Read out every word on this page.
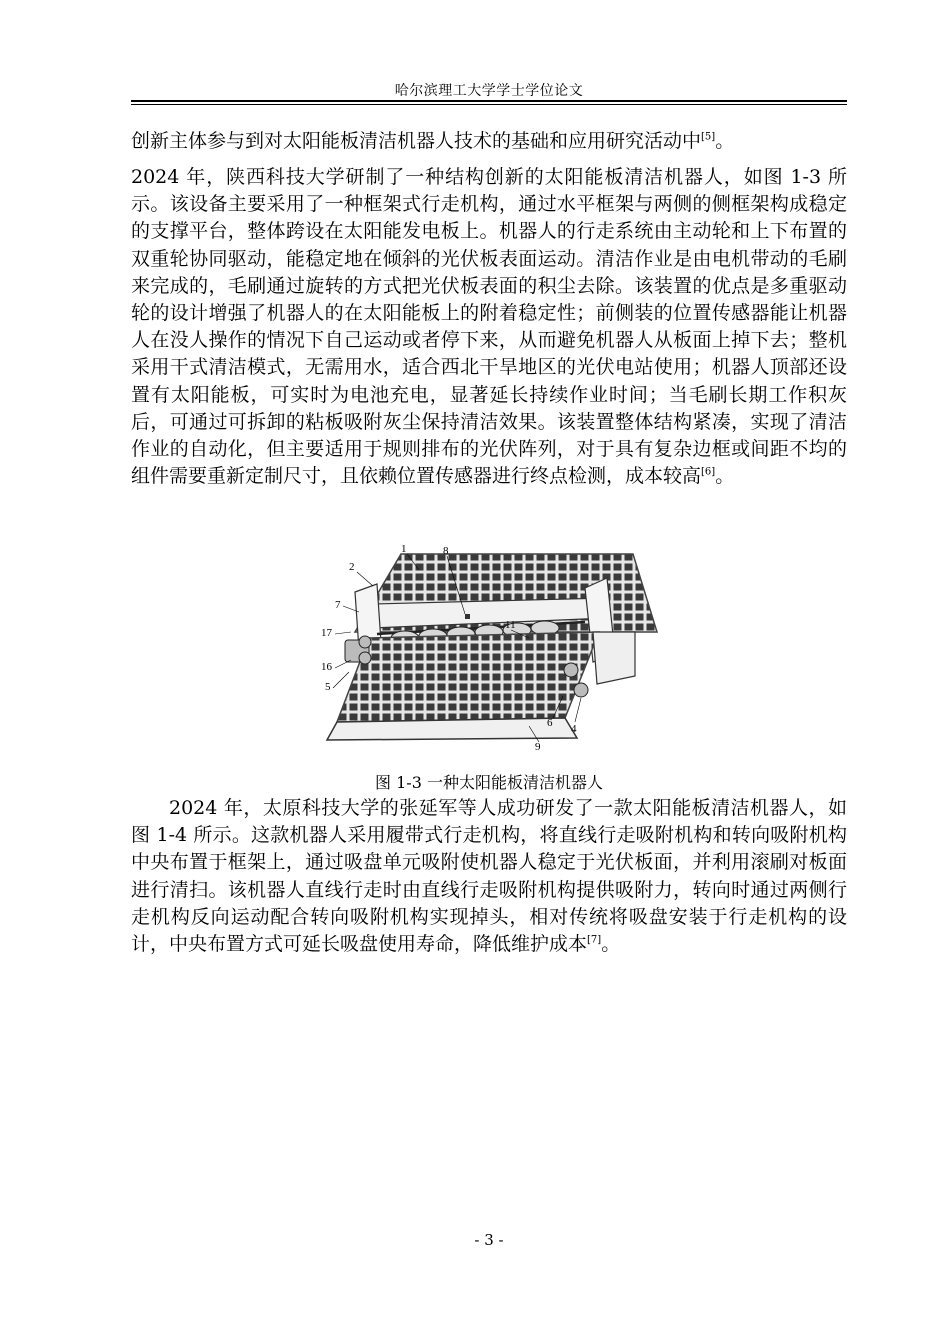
哈尔滨理工大学学士学位论文
创新主体参与到对太阳能板清洁机器人技术的基础和应用研究活动中[5]。
2024 年，陕西科技大学研制了一种结构创新的太阳能板清洁机器人，如图 1-3 所示。该设备主要采用了一种框架式行走机构，通过水平框架与两侧的侧框架构成稳定的支撑平台，整体跨设在太阳能发电板上。机器人的行走系统由主动轮和上下布置的双重轮协同驱动，能稳定地在倾斜的光伏板表面运动。清洁作业是由电机带动的毛刷来完成的，毛刷通过旋转的方式把光伏板表面的积尘去除。该装置的优点是多重驱动轮的设计增强了机器人的在太阳能板上的附着稳定性；前侧装的位置传感器能让机器人在没人操作的情况下自己运动或者停下来，从而避免机器人从板面上掉下去；整机采用干式清洁模式，无需用水，适合西北干旱地区的光伏电站使用；机器人顶部还设置有太阳能板，可实时为电池充电，显著延长持续作业时间；当毛刷长期工作积灰后，可通过可拆卸的粘板吸附灰尘保持清洁效果。该装置整体结构紧凑，实现了清洁作业的自动化，但主要适用于规则排布的光伏阵列，对于具有复杂边框或间距不均的组件需要重新定制尺寸，且依赖位置传感器进行终点检测，成本较高[6]。
1	8
2
7
17
11
16
5
6 4
9
图 1-3 一种太阳能板清洁机器人
2024 年，太原科技大学的张延军等人成功研发了一款太阳能板清洁机器人，如图 1-4 所示。这款机器人采用履带式行走机构，将直线行走吸附机构和转向吸附机构中央布置于框架上，通过吸盘单元吸附使机器人稳定于光伏板面，并利用滚刷对板面进行清扫。该机器人直线行走时由直线行走吸附机构提供吸附力，转向时通过两侧行走机构反向运动配合转向吸附机构实现掉头，相对传统将吸盘安装于行走机构的设计，中央布置方式可延长吸盘使用寿命，降低维护成本[7]。
- 3 -
